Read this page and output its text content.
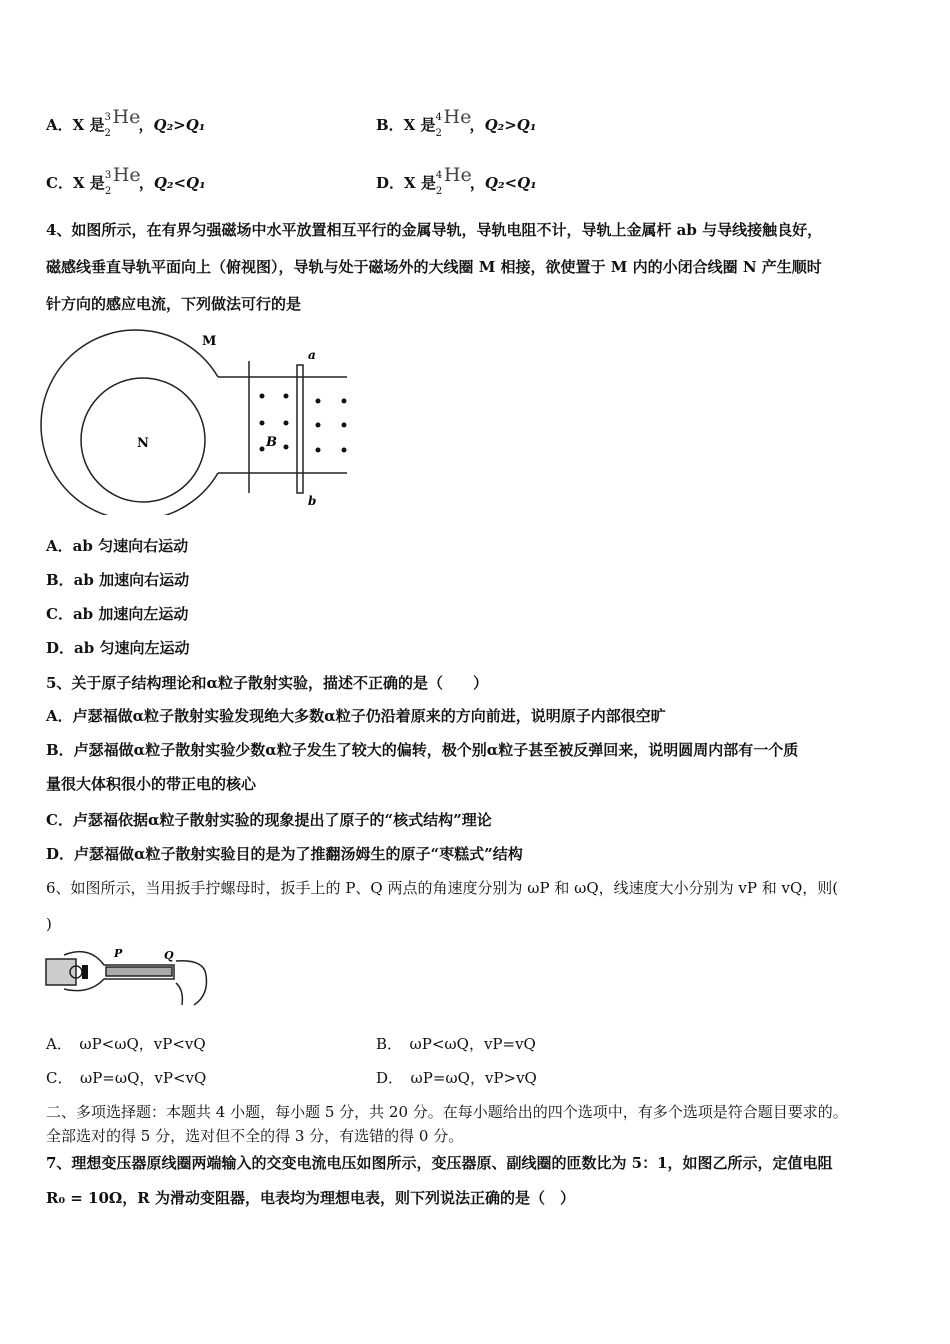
A．X 是 3
2
He
，Q₂>Q₁	B．X 是 4
2
He
，Q₂>Q₁
C．X 是 3
2
He
，Q₂<Q₁	D．X 是 4
2
He
，Q₂<Q₁
4、如图所示，在有界匀强磁场中水平放置相互平行的金属导轨，导轨电阻不计，导轨上金属杆 ab 与导线接触良好，
磁感线垂直导轨平面向上（俯视图），导轨与处于磁场外的大线圈 M 相接，欲使置于 M 内的小闭合线圈 N 产生顺时
针方向的感应电流，下列做法可行的是
M
N	B
a
b
A．ab 匀速向右运动
B．ab 加速向右运动
C．ab 加速向左运动
D．ab 匀速向左运动
5、关于原子结构理论和α粒子散射实验，描述不正确的是（　　）
A．卢瑟福做α粒子散射实验发现绝大多数α粒子仍沿着原来的方向前进，说明原子内部很空旷
B．卢瑟福做α粒子散射实验少数α粒子发生了较大的偏转，极个别α粒子甚至被反弹回来，说明圆周内部有一个质
量很大体积很小的带正电的核心
C．卢瑟福依据α粒子散射实验的现象提出了原子的“核式结构”理论
D．卢瑟福做α粒子散射实验目的是为了推翻汤姆生的原子“枣糕式”结构
6、如图所示，当用扳手拧螺母时，扳手上的 P、Q 两点的角速度分别为 ωP 和 ωQ，线速度大小分别为 vP 和 vQ，则(
)
P	Q
A．　ωP<ωQ，vP<vQ	B．　ωP<ωQ，vP=vQ
C．　ωP=ωQ，vP<vQ	D．　ωP=ωQ，vP>vQ
二、多项选择题：本题共 4 小题，每小题 5 分，共 20 分。在每小题给出的四个选项中，有多个选项是符合题目要求的。
全部选对的得 5 分，选对但不全的得 3 分，有选错的得 0 分。
7、理想变压器原线圈两端输入的交变电流电压如图所示，变压器原、副线圈的匝数比为 5：1，如图乙所示，定值电阻
R₀ = 10Ω，R 为滑动变阻器，电表均为理想电表，则下列说法正确的是（　）
